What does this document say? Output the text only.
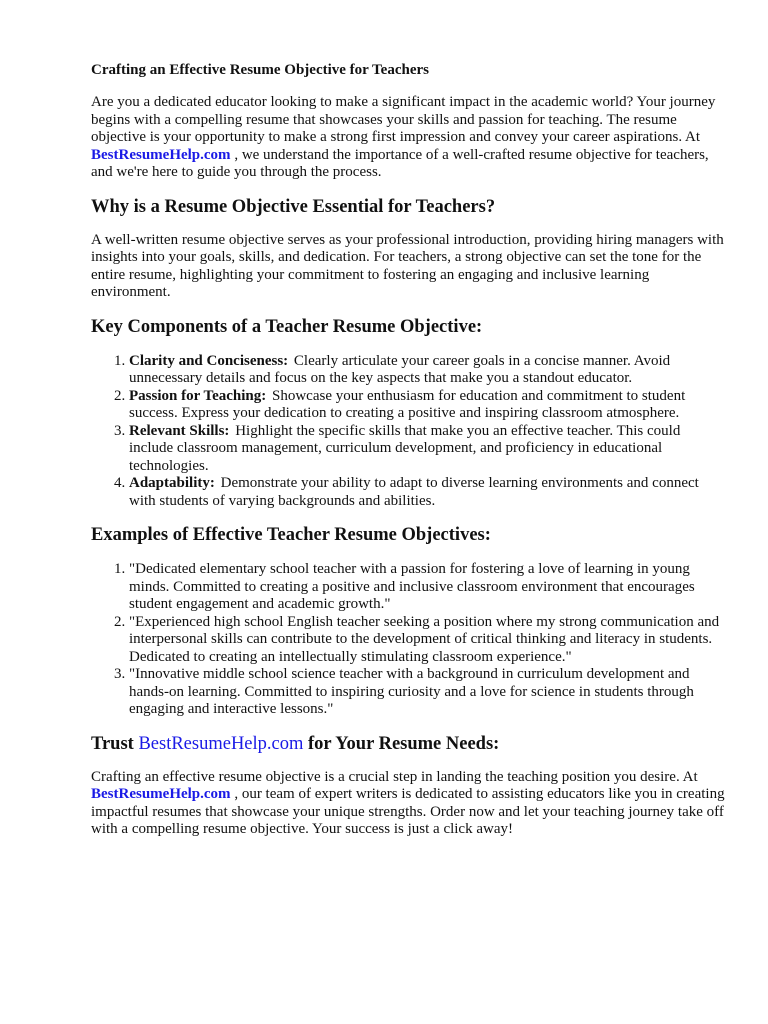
Crafting an Effective Resume Objective for Teachers

Are you a dedicated educator looking to make a significant impact in the academic world? Your journey begins with a compelling resume that showcases your skills and passion for teaching. The resume objective is your opportunity to make a strong first impression and convey your career aspirations. At BestResumeHelp.com , we understand the importance of a well-crafted resume objective for teachers, and we're here to guide you through the process.

Why is a Resume Objective Essential for Teachers?

A well-written resume objective serves as your professional introduction, providing hiring managers with insights into your goals, skills, and dedication. For teachers, a strong objective can set the tone for the entire resume, highlighting your commitment to fostering an engaging and inclusive learning environment.

Key Components of a Teacher Resume Objective:
1. Clarity and Conciseness: Clearly articulate your career goals in a concise manner. Avoid unnecessary details and focus on the key aspects that make you a standout educator.
2. Passion for Teaching: Showcase your enthusiasm for education and commitment to student success. Express your dedication to creating a positive and inspiring classroom atmosphere.
3. Relevant Skills: Highlight the specific skills that make you an effective teacher. This could include classroom management, curriculum development, and proficiency in educational technologies.
4. Adaptability: Demonstrate your ability to adapt to diverse learning environments and connect with students of varying backgrounds and abilities.
Examples of Effective Teacher Resume Objectives:
1. "Dedicated elementary school teacher with a passion for fostering a love of learning in young minds. Committed to creating a positive and inclusive classroom environment that encourages student engagement and academic growth."
2. "Experienced high school English teacher seeking a position where my strong communication and interpersonal skills can contribute to the development of critical thinking and literacy in students. Dedicated to creating an intellectually stimulating classroom experience."
3. "Innovative middle school science teacher with a background in curriculum development and hands-on learning. Committed to inspiring curiosity and a love for science in students through engaging and interactive lessons."
Trust BestResumeHelp.com for Your Resume Needs:

Crafting an effective resume objective is a crucial step in landing the teaching position you desire. At BestResumeHelp.com , our team of expert writers is dedicated to assisting educators like you in creating impactful resumes that showcase your unique strengths. Order now and let your teaching journey take off with a compelling resume objective. Your success is just a click away!
